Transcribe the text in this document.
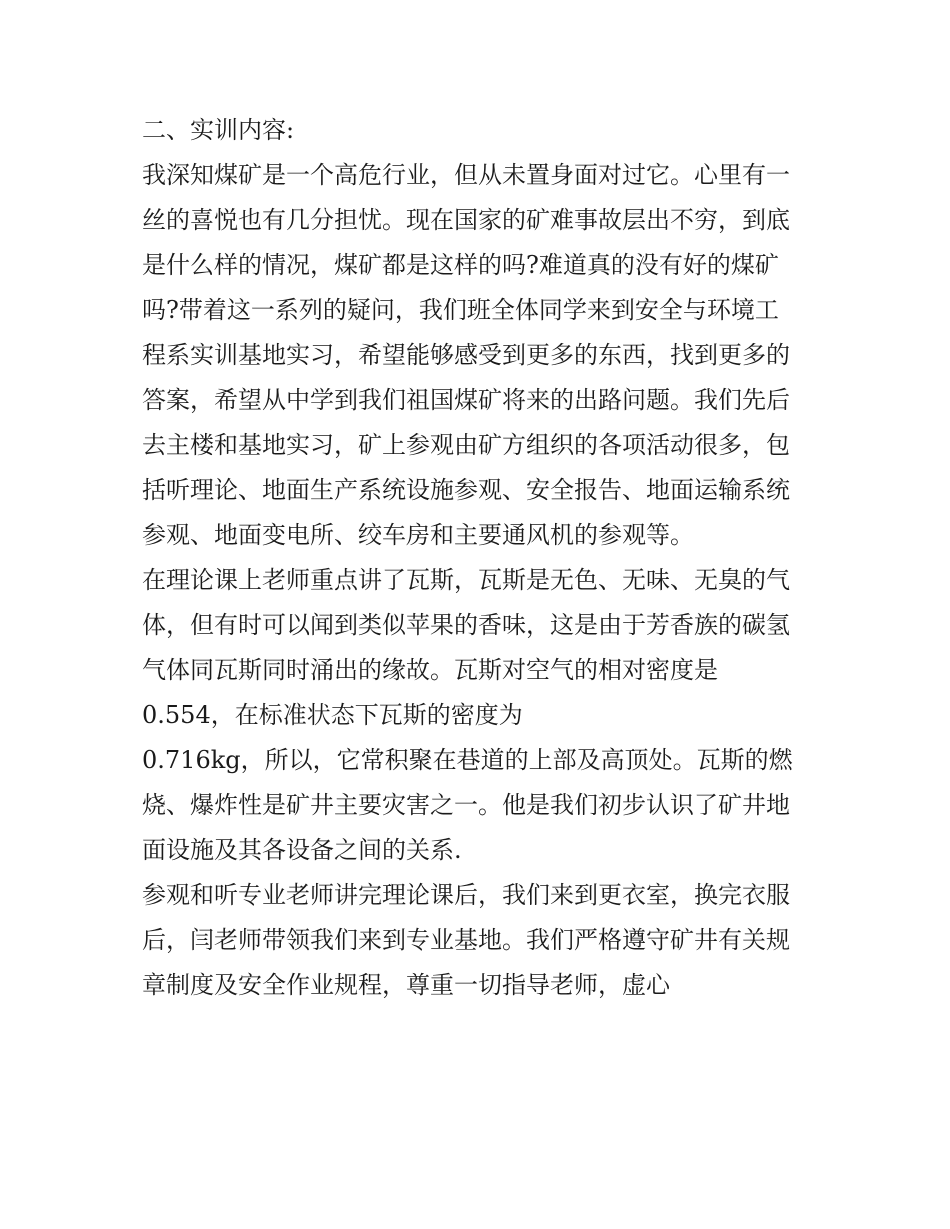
二、实训内容:
我深知煤矿是一个高危行业，但从未置身面对过它。心里有一
丝的喜悦也有几分担忧。现在国家的矿难事故层出不穷，到底
是什么样的情况，煤矿都是这样的吗?难道真的没有好的煤矿
吗?带着这一系列的疑问，我们班全体同学来到安全与环境工
程系实训基地实习，希望能够感受到更多的东西，找到更多的
答案，希望从中学到我们祖国煤矿将来的出路问题。我们先后
去主楼和基地实习，矿上参观由矿方组织的各项活动很多，包
括听理论、地面生产系统设施参观、安全报告、地面运输系统
参观、地面变电所、绞车房和主要通风机的参观等。
在理论课上老师重点讲了瓦斯，瓦斯是无色、无味、无臭的气
体，但有时可以闻到类似苹果的香味，这是由于芳香族的碳氢
气体同瓦斯同时涌出的缘故。瓦斯对空气的相对密度是
0.554，在标准状态下瓦斯的密度为
0.716kg，所以，它常积聚在巷道的上部及高顶处。瓦斯的燃
烧、爆炸性是矿井主要灾害之一。他是我们初步认识了矿井地
面设施及其各设备之间的关系.
参观和听专业老师讲完理论课后，我们来到更衣室，换完衣服
后，闫老师带领我们来到专业基地。我们严格遵守矿井有关规
章制度及安全作业规程，尊重一切指导老师，虚心
